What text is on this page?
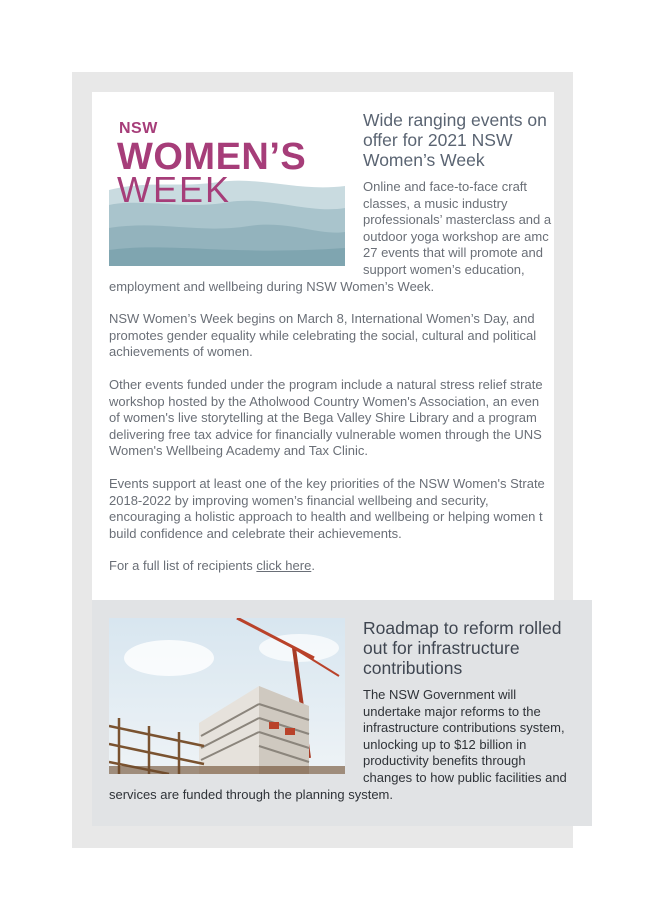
NSW
WOMEN’S
WEEK
Wide ranging events on
offer for 2021 NSW
Women’s Week

Online and face-to-face craft
classes, a music industry
professionals’ masterclass and a
outdoor yoga workshop are amc
27 events that will promote and
support women’s education,
employment and wellbeing during NSW Women’s Week.

NSW Women’s Week begins on March 8, International Women’s Day, and
promotes gender equality while celebrating the social, cultural and political
achievements of women.

Other events funded under the program include a natural stress relief strate
workshop hosted by the Atholwood Country Women's Association, an even
of women's live storytelling at the Bega Valley Shire Library and a program
delivering free tax advice for financially vulnerable women through the UNS
Women's Wellbeing Academy and Tax Clinic.

Events support at least one of the key priorities of the NSW Women's Strate
2018-2022 by improving women’s financial wellbeing and security,
encouraging a holistic approach to health and wellbeing or helping women t
build confidence and celebrate their achievements.

For a full list of recipients click here.

Roadmap to reform rolled
out for infrastructure
contributions

The NSW Government will
undertake major reforms to the
infrastructure contributions system,
unlocking up to $12 billion in
productivity benefits through
changes to how public facilities and
services are funded through the planning system.
